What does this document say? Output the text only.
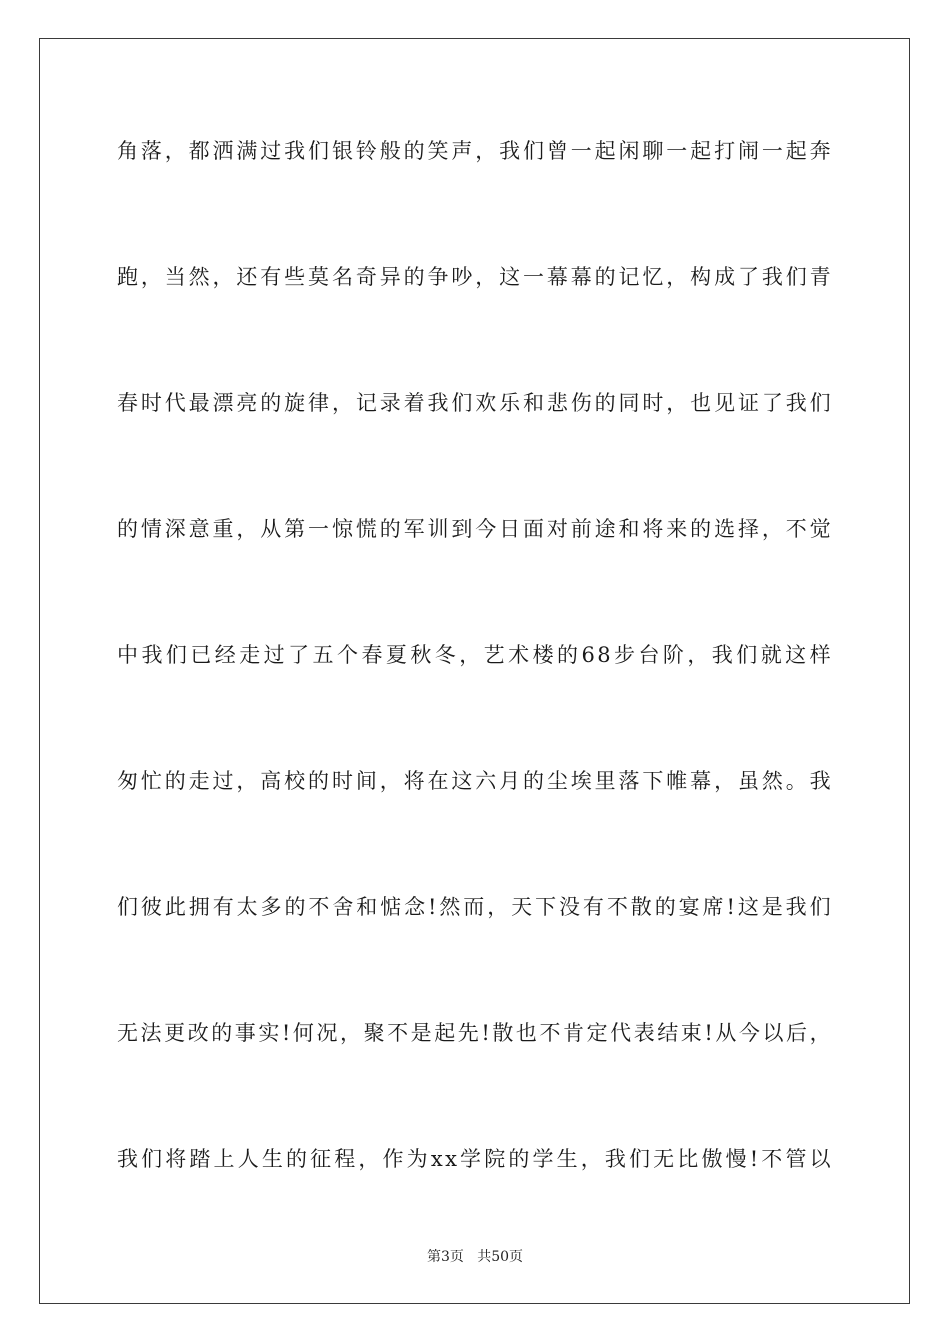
角落，都洒满过我们银铃般的笑声，我们曾一起闲聊一起打闹一起奔
跑，当然，还有些莫名奇异的争吵，这一幕幕的记忆，构成了我们青
春时代最漂亮的旋律，记录着我们欢乐和悲伤的同时，也见证了我们
的情深意重，从第一惊慌的军训到今日面对前途和将来的选择，不觉
中我们已经走过了五个春夏秋冬，艺术楼的68步台阶，我们就这样
匆忙的走过，高校的时间，将在这六月的尘埃里落下帷幕，虽然。我
们彼此拥有太多的不舍和惦念!然而，天下没有不散的宴席!这是我们
无法更改的事实!何况，聚不是起先!散也不肯定代表结束!从今以后，
我们将踏上人生的征程，作为xx学院的学生，我们无比傲慢!不管以
第3页   共50页
